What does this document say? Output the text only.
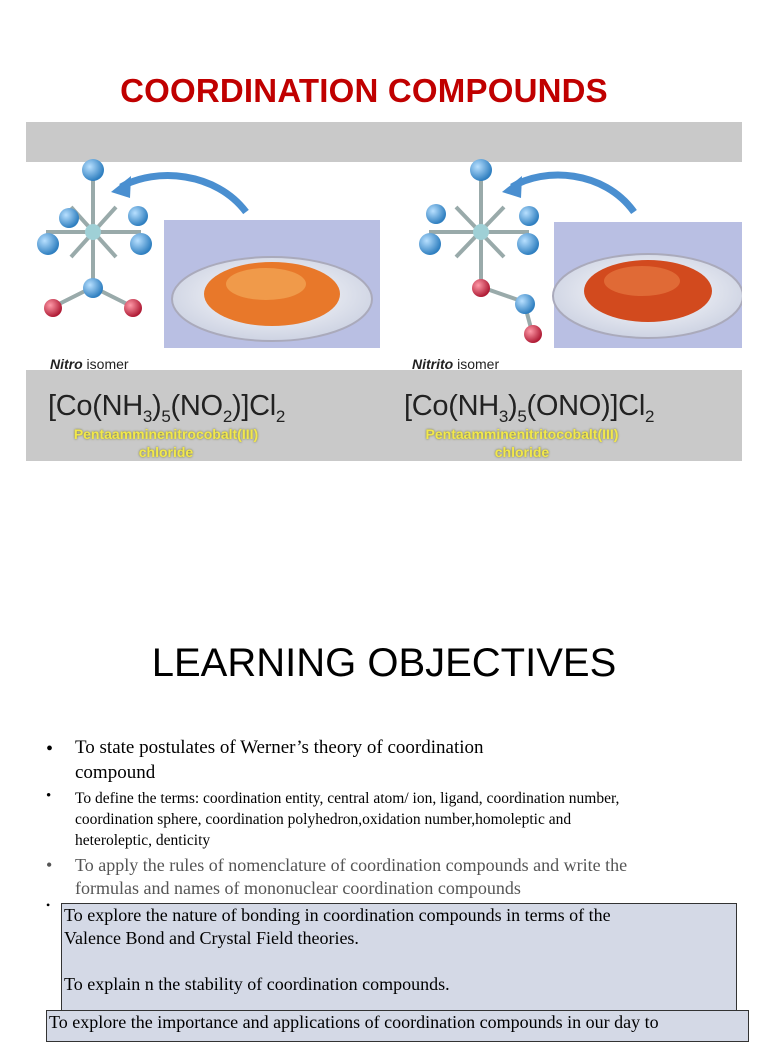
COORDINATION COMPOUNDS
Nitro isomer	Nitrito isomer
$[Co(NH_3)_5(NO_2)]Cl_2$	$[Co(NH_3)_5(ONO)]Cl_2$
Pentaamminenitrocobalt(III)
chloride
Pentaamminenitritocobalt(III)
chloride
LEARNING OBJECTIVES
• To state postulates of Werner’s theory of coordination
compound
• To define the terms: coordination entity, central atom/ ion, ligand, coordination number,
coordination sphere, coordination polyhedron,oxidation number,homoleptic and
heteroleptic, denticity
• To apply the rules of nomenclature of coordination compounds and write the
formulas and names of mononuclear coordination compounds
• To explore the nature of bonding in coordination compounds in terms of the
Valence Bond and Crystal Field theories.
To explain n the stability of coordination compounds.
To explore the importance and applications of coordination compounds in our day to
